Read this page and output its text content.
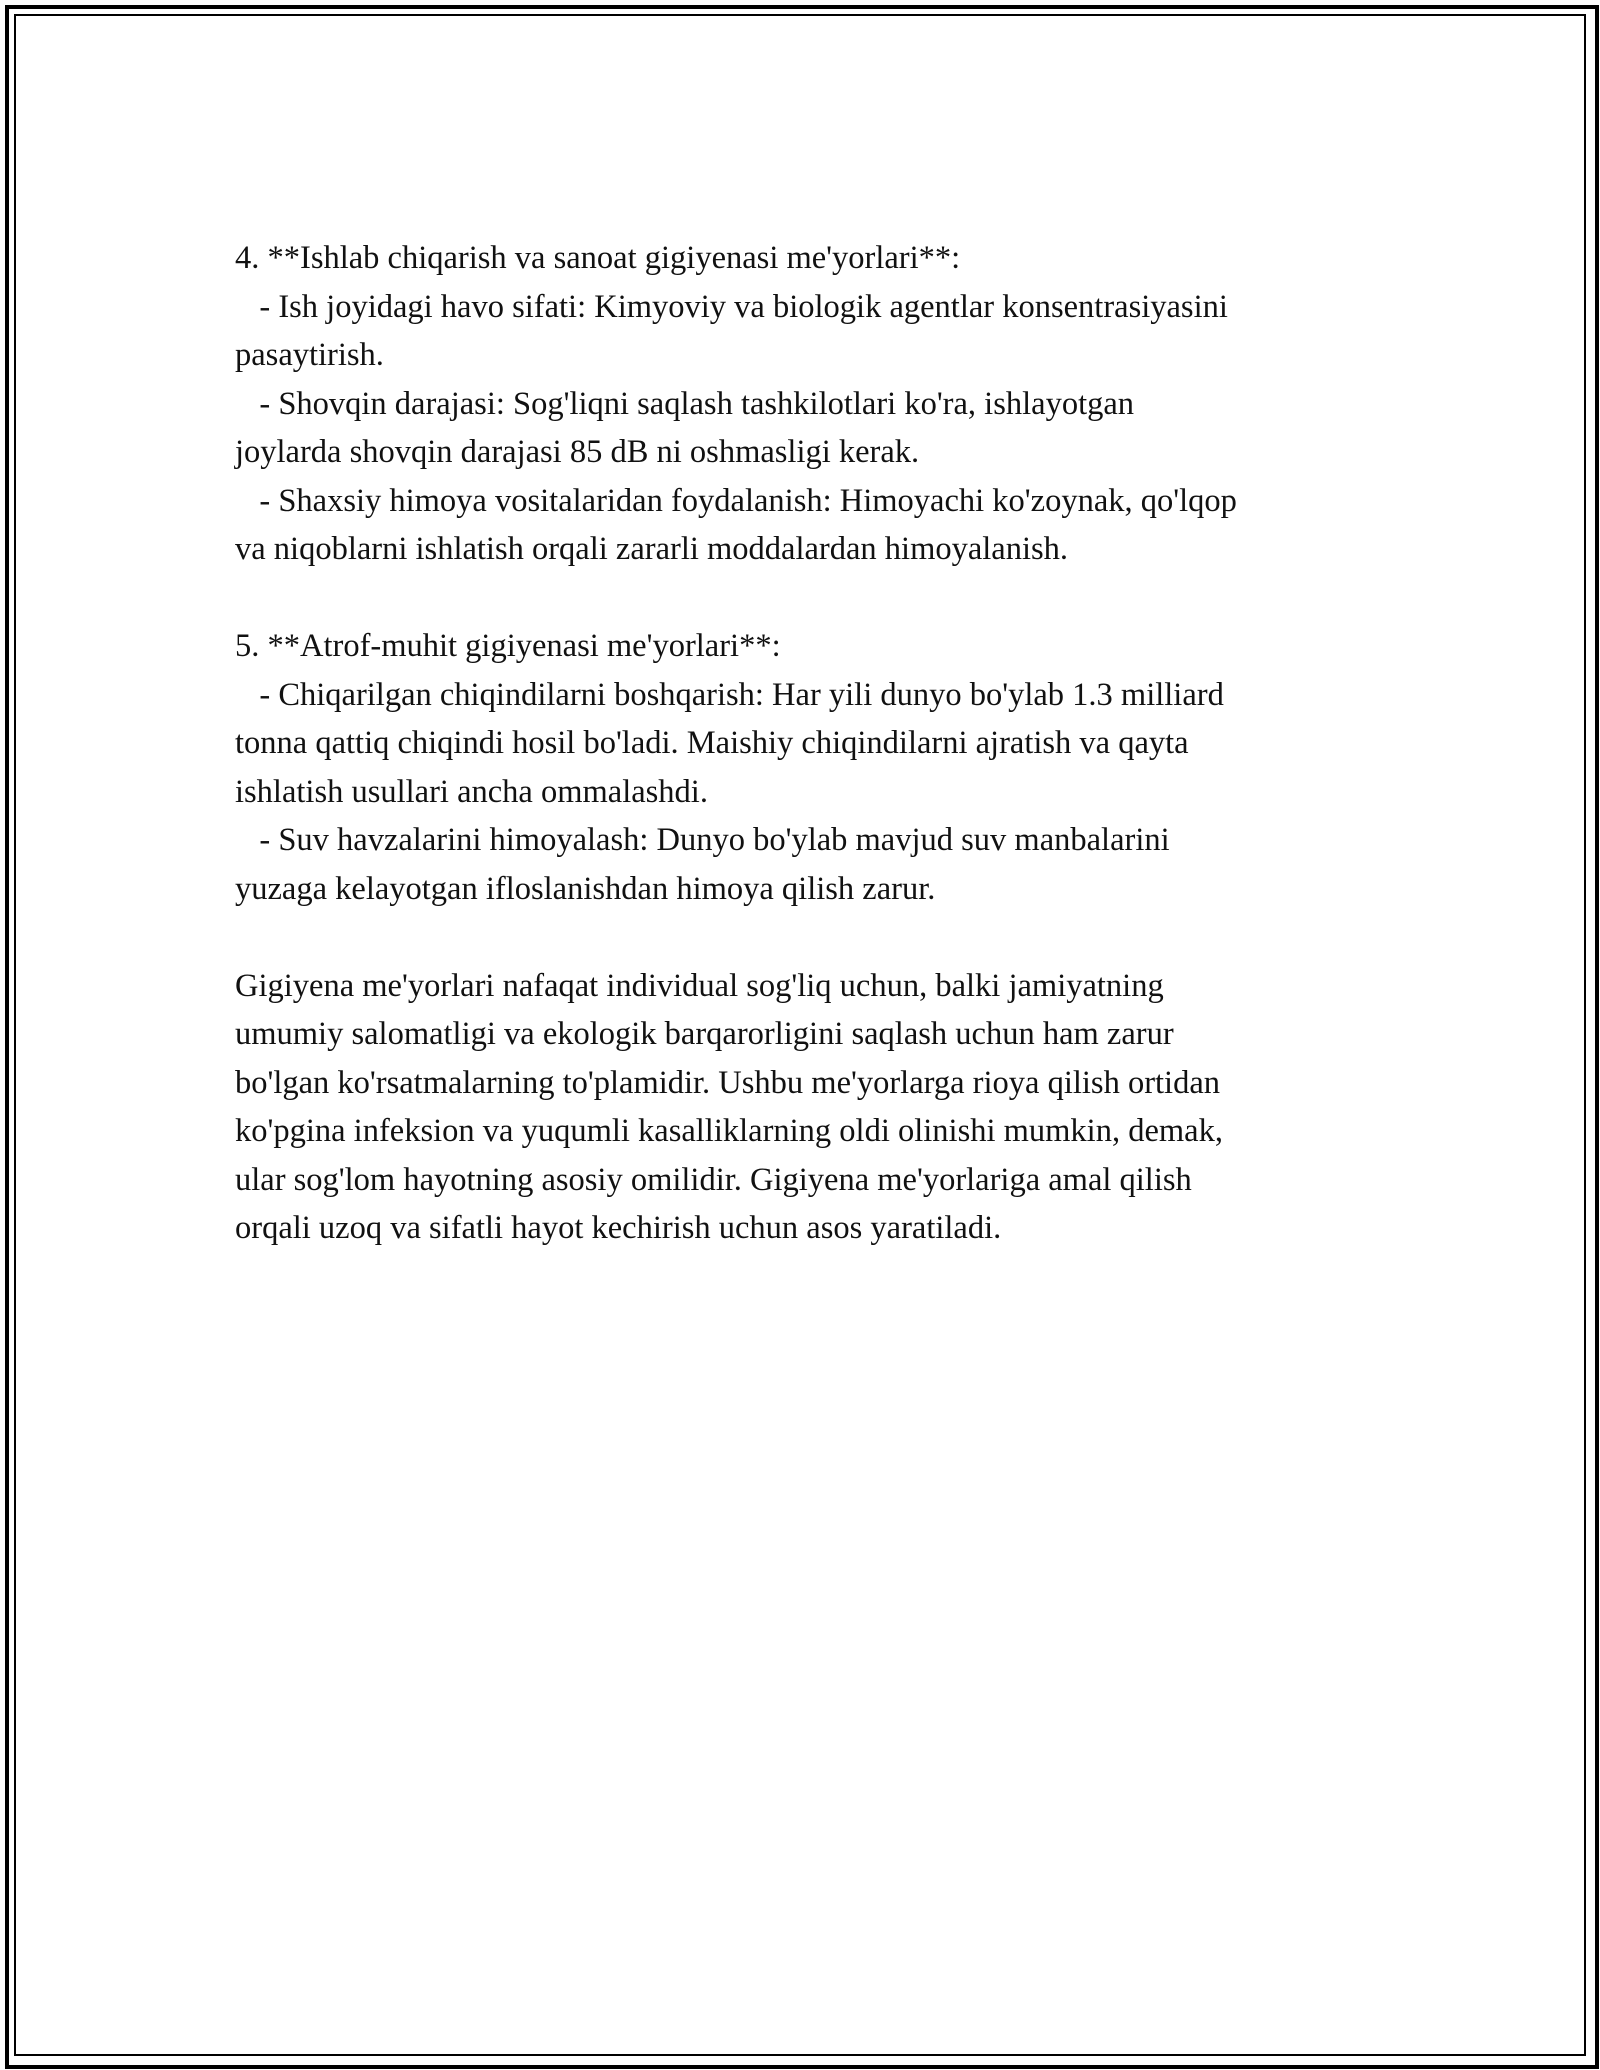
4. **Ishlab chiqarish va sanoat gigiyenasi me'yorlari**:
- Ish joyidagi havo sifati: Kimyoviy va biologik agentlar konsentrasiyasini
pasaytirish.
- Shovqin darajasi: Sog'liqni saqlash tashkilotlari ko'ra, ishlayotgan
joylarda shovqin darajasi 85 dB ni oshmasligi kerak.
- Shaxsiy himoya vositalaridan foydalanish: Himoyachi ko'zoynak, qo'lqop
va niqoblarni ishlatish orqali zararli moddalardan himoyalanish.
5. **Atrof-muhit gigiyenasi me'yorlari**:
- Chiqarilgan chiqindilarni boshqarish: Har yili dunyo bo'ylab 1.3 milliard
tonna qattiq chiqindi hosil bo'ladi. Maishiy chiqindilarni ajratish va qayta
ishlatish usullari ancha ommalashdi.
- Suv havzalarini himoyalash: Dunyo bo'ylab mavjud suv manbalarini
yuzaga kelayotgan ifloslanishdan himoya qilish zarur.
Gigiyena me'yorlari nafaqat individual sog'liq uchun, balki jamiyatning
umumiy salomatligi va ekologik barqarorligini saqlash uchun ham zarur
bo'lgan ko'rsatmalarning to'plamidir. Ushbu me'yorlarga rioya qilish ortidan
ko'pgina infeksion va yuqumli kasalliklarning oldi olinishi mumkin, demak,
ular sog'lom hayotning asosiy omilidir. Gigiyena me'yorlariga amal qilish
orqali uzoq va sifatli hayot kechirish uchun asos yaratiladi.
